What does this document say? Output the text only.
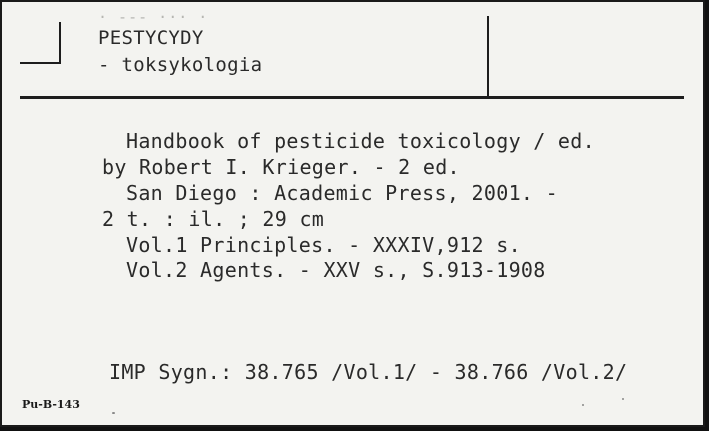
· --- ··· ·
PESTYCYDY
- toksykologia
Handbook of pesticide toxicology / ed.
by Robert I. Krieger. - 2 ed.
San Diego : Academic Press, 2001. -
2 t. : il. ; 29 cm
Vol.1 Principles. - XXXIV,912 s.
Vol.2 Agents. - XXV s., S.913-1908
IMP Sygn.: 38.765 /Vol.1/ - 38.766 /Vol.2/
Pu-B-143
